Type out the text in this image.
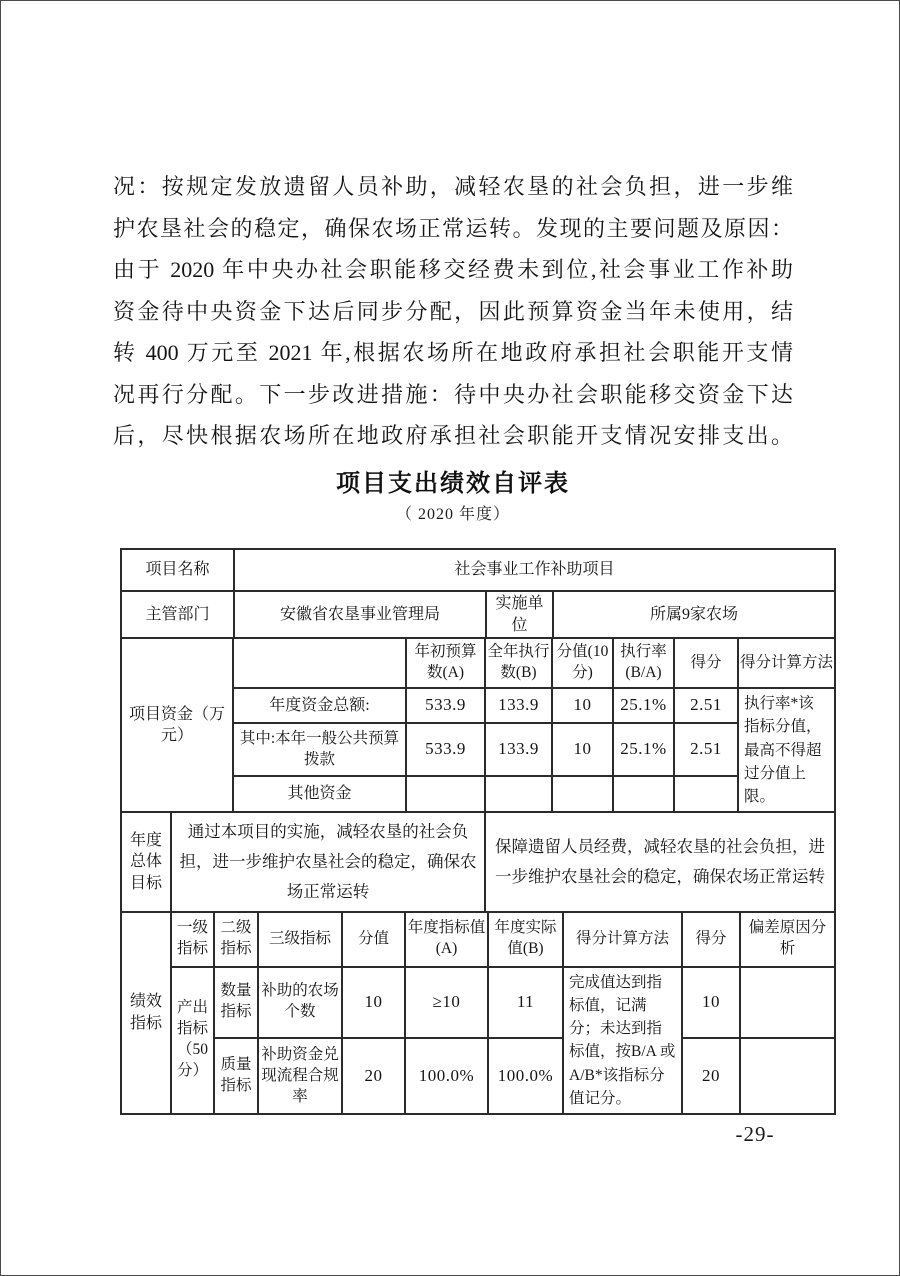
况：按规定发放遗留人员补助，减轻农垦的社会负担，进一步维
护农垦社会的稳定，确保农场正常运转。发现的主要问题及原因：
由于 2020 年中央办社会职能移交经费未到位,社会事业工作补助
资金待中央资金下达后同步分配，因此预算资金当年未使用，结
转 400 万元至 2021 年,根据农场所在地政府承担社会职能开支情
况再行分配。下一步改进措施：待中央办社会职能移交资金下达
后，尽快根据农场所在地政府承担社会职能开支情况安排支出。
项目支出绩效自评表
（ 2020 年度）
项目名称	社会事业工作补助项目		
主管部门	安徽省农垦事业管理局	实施单位	所属9家农场
项目资金（万元）		年初预算数(A)	全年执行数(B)	分值(10分)	执行率(B/A)	得分	得分计算方法
	年度资金总额:	533.9	133.9	10	25.1%	2.51	执行率*该指标分值，最高不得超过分值上限。
	其中:本年一般公共预算拨款	533.9	133.9	10	25.1%	2.51	
	其他资金						
年度总体目标	通过本项目的实施，减轻农垦的社会负担，进一步维护农垦社会的稳定，确保农场正常运转	保障遗留人员经费，减轻农垦的社会负担，进一步维护农垦社会的稳定，确保农场正常运转
绩效指标	一级指标	二级指标	三级指标	分值	年度指标值(A)	年度实际值(B)	得分计算方法	得分	偏差原因分析
	产出指标（50分）	数量指标	补助的农场个数	10	≥10	11	完成值达到指标值，记满分；未达到指标值，按B/A 或 A/B*该指标分值记分。	10	
		质量指标	补助资金兑现流程合规率	20	100.0%	100.0%		20	
-29-
